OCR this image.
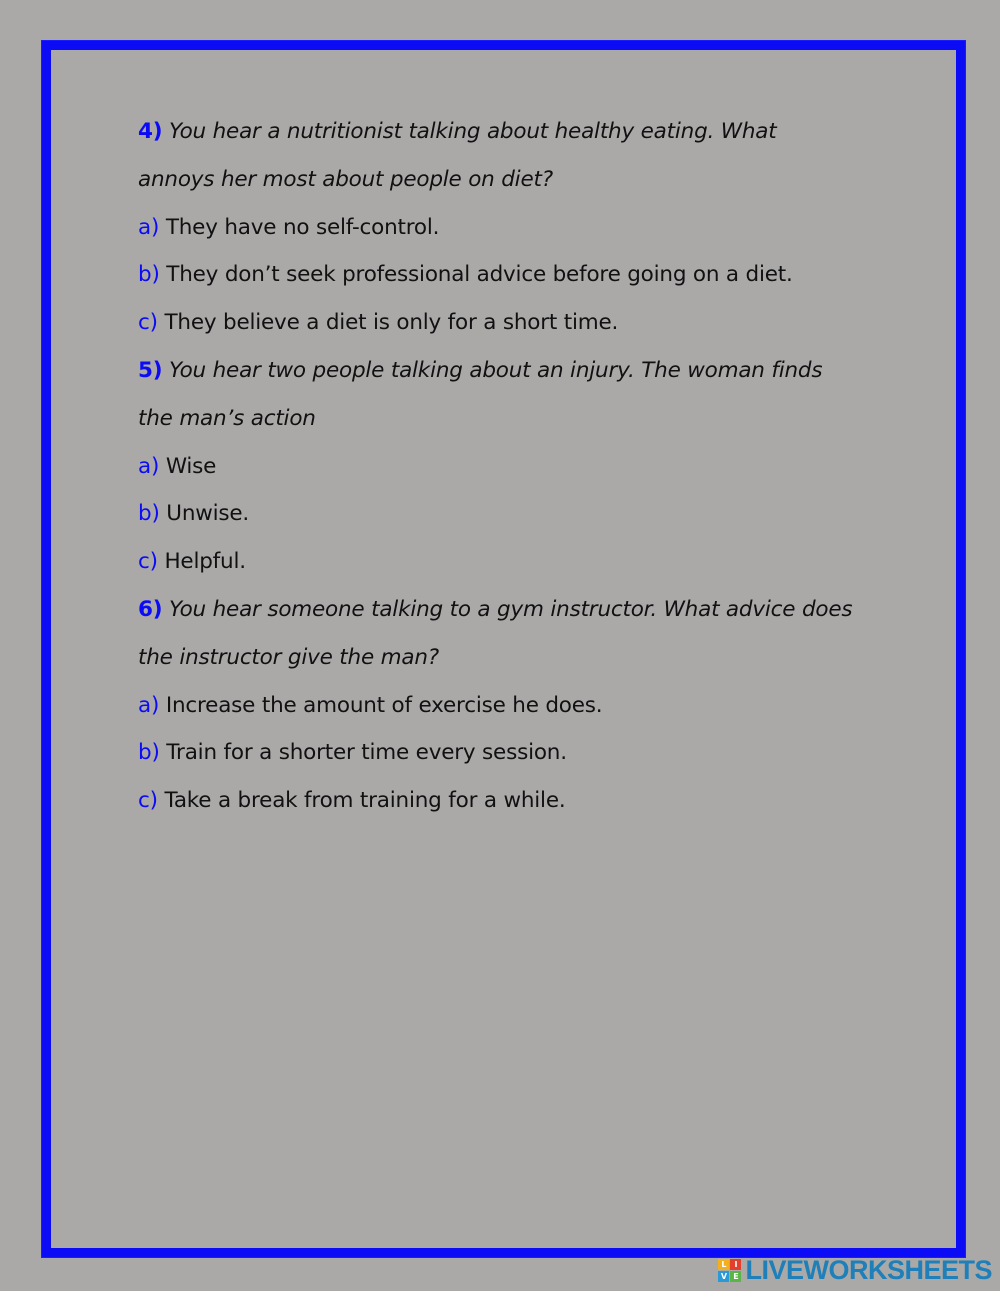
4) You hear a nutritionist talking about healthy eating. What
annoys her most about people on diet?
a) They have no self-control.
b) They don’t seek professional advice before going on a diet.
c) They believe a diet is only for a short time.
5) You hear two people talking about an injury. The woman finds
the man’s action
a) Wise
b) Unwise.
c) Helpful.
6) You hear someone talking to a gym instructor. What advice does
the instructor give the man?
a) Increase the amount of exercise he does.
b) Train for a shorter time every session.
c) Take a break from training for a while.
L I
V E LIVEWORKSHEETS
